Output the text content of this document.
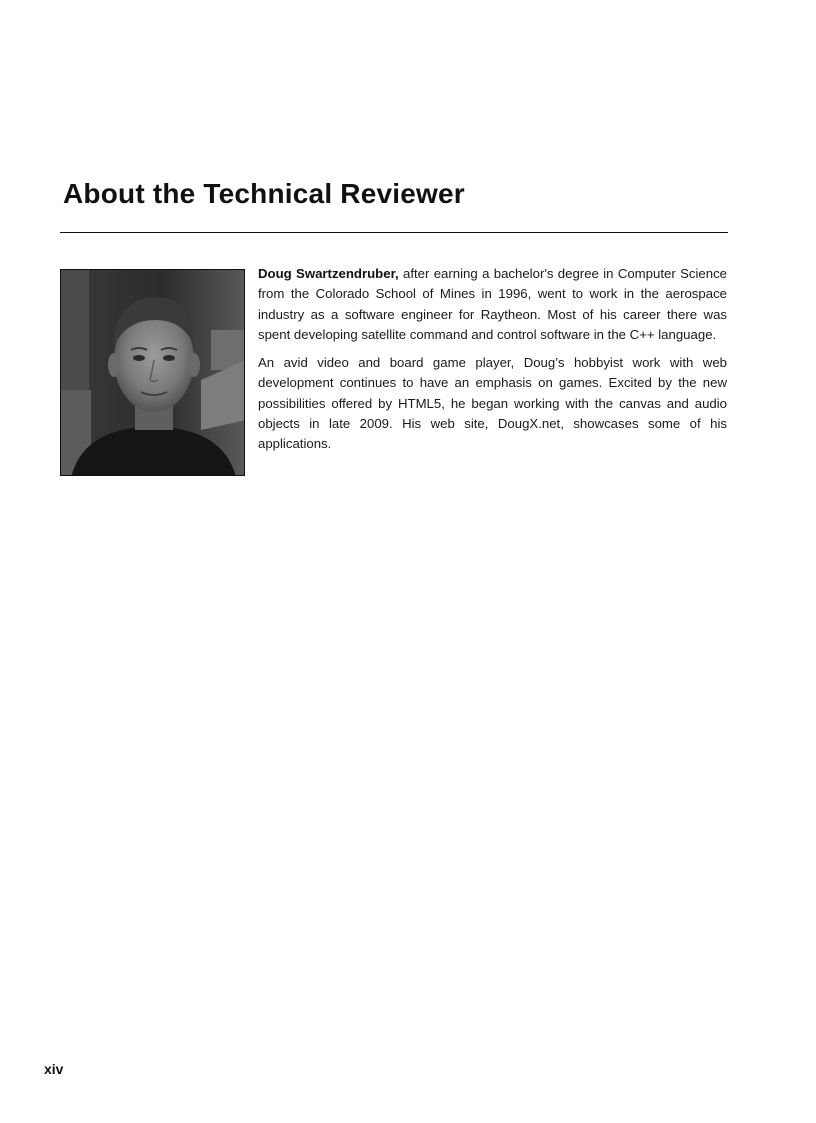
About the Technical Reviewer

Doug Swartzendruber, after earning a bachelor's degree in Computer Science from the Colorado School of Mines in 1996, went to work in the aerospace industry as a software engineer for Raytheon. Most of his career there was spent developing satellite command and control software in the C++ language.

An avid video and board game player, Doug’s hobbyist work with web development continues to have an emphasis on games. Excited by the new possibilities offered by HTML5, he began working with the canvas and audio objects in late 2009. His web site, DougX.net, showcases some of his applications.

xiv
